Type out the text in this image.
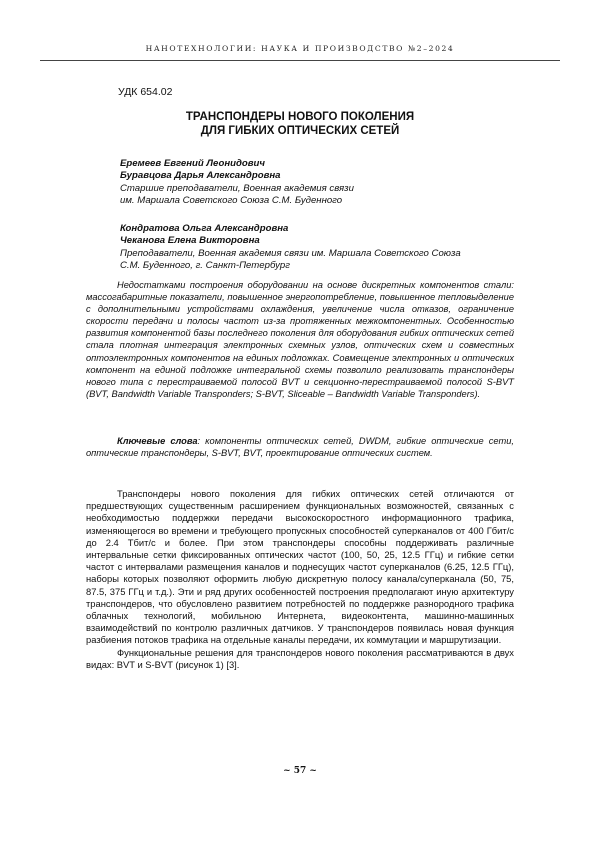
НАНОТЕХНОЛОГИИ: НАУКА И ПРОИЗВОДСТВО №2–2024
УДК 654.02
ТРАНСПОНДЕРЫ НОВОГО ПОКОЛЕНИЯ
ДЛЯ ГИБКИХ ОПТИЧЕСКИХ СЕТЕЙ
Еремеев Евгений Леонидович
Буравцова Дарья Александровна
Старшие преподаватели, Военная академия связи
им. Маршала Советского Союза С.М. Буденного
Кондратова Ольга Александровна
Чеканова Елена Викторовна
Преподаватели, Военная академия связи им. Маршала Советского Союза
С.М. Буденного, г. Санкт-Петербург
Недостатками построения оборудовании на основе дискретных компонентов стали: массогабаритные показатели, повышенное энергопотребление, повышенное тепловыделение с дополнительными устройствами охлаждения, увеличение числа отказов, ограничение скорости передачи и полосы частот из-за протяженных межкомпонентных. Особенностью развития компонентой базы последнего поколения для оборудования гибких оптических сетей стала плотная интеграция электронных схемных узлов, оптических схем и совместных оптоэлектронных компонентов на единых подложках. Совмещение электронных и оптических компонент на единой подложке интегральной схемы позволило реализовать транспондеры нового типа с перестраиваемой полосой BVT и секционно-перестраиваемой полосой S-BVT (BVT, Bandwidth Variable Transponders; S-BVT, Sliceable – Bandwidth Variable Transponders).
Ключевые слова: компоненты оптических сетей, DWDM, гибкие оптические сети, оптические транспондеры, S-BVT, BVT, проектирование оптических систем.
Транспондеры нового поколения для гибких оптических сетей отличаются от предшествующих существенным расширением функциональных возможностей, связанных с необходимостью поддержки передачи высокоскоростного информационного трафика, изменяющегося во времени и требующего пропускных способностей суперканалов от 400 Гбит/с до 2.4 Тбит/с и более. При этом транспондеры способны поддерживать различные интервальные сетки фиксированных оптических частот (100, 50, 25, 12.5 ГГц) и гибкие сетки частот с интервалами размещения каналов и поднесущих частот суперканалов (6.25, 12.5 ГГц), наборы которых позволяют оформить любую дискретную полосу канала/суперканала (50, 75, 87.5, 375 ГГц и т.д.). Эти и ряд других особенностей построения предполагают иную архитектуру транспондеров, что обусловлено развитием потребностей по поддержке разнородного трафика облачных технологий, мобильною Интернета, видеоконтента, машинно-машинных взаимодействий по контролю различных датчиков. У транспондеров появилась новая функция разбиения потоков трафика на отдельные каналы передачи, их коммутации и маршрутизации.
Функциональные решения для транспондеров нового поколения рассматриваются в двух видах: BVT и S-BVT (рисунок 1) [3].
~ 57 ~
